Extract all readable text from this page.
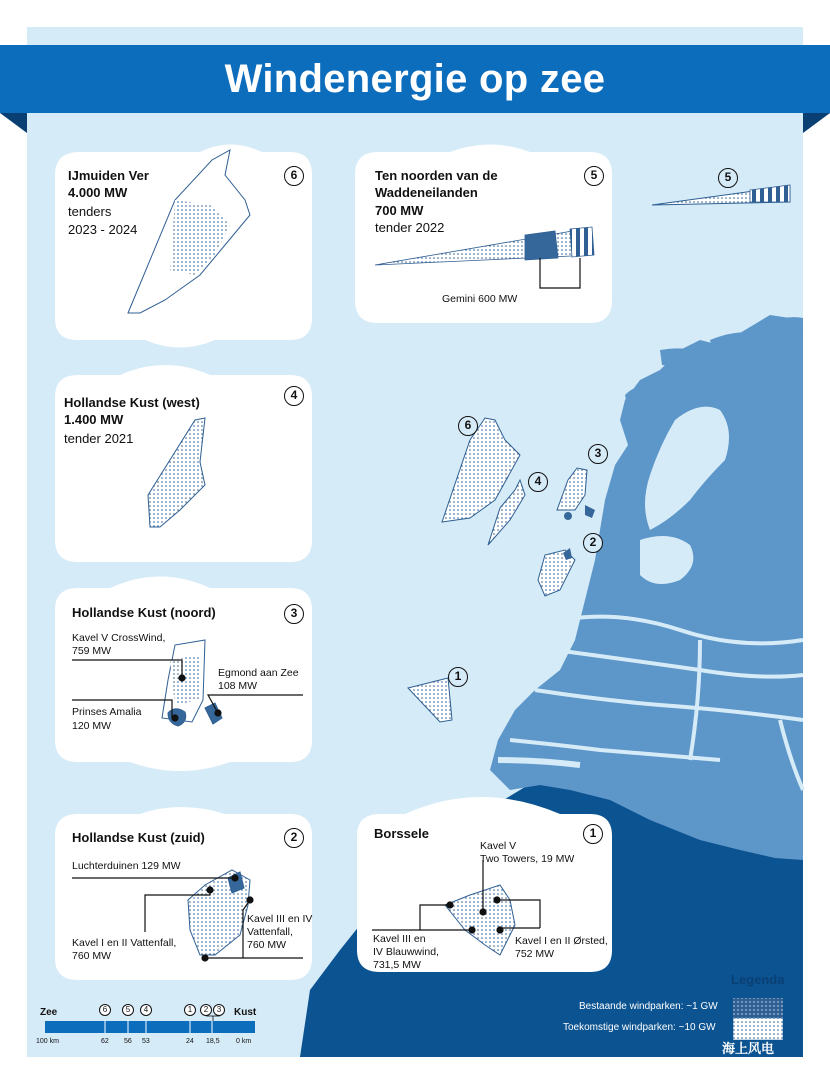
Windenergie op zee
IJmuiden Ver
4.000 MW
tenders
2023 - 2024
6	Ten noorden van de
Waddeneilanden
700 MW
tender 2022
Gemini 600 MW
5
Hollandse Kust (west)
1.400 MW
tender 2021
4
Hollandse Kust (noord)	3
Kavel V CrossWind,
759 MW
Egmond aan Zee
108 MW
Prinses Amalia
120 MW
Hollandse Kust (zuid)	2
Luchterduinen 129 MW
Kavel I en II Vattenfall,
760 MW
Kavel III en IV
Vattenfall,
760 MW
Borssele	1
Kavel V
Two Towers, 19 MW
Kavel III en
IV Blauwwind,
731,5 MW
Kavel I en II Ørsted,
752 MW
6
5
4
3
2
1
Zee	Kust
6	5	4	1	2	3
100 km	62 56 53	24 18,5 0 km
Legenda
Bestaande windparken: ~1 GW
Toekomstige windparken: ~10 GW
海上风电
